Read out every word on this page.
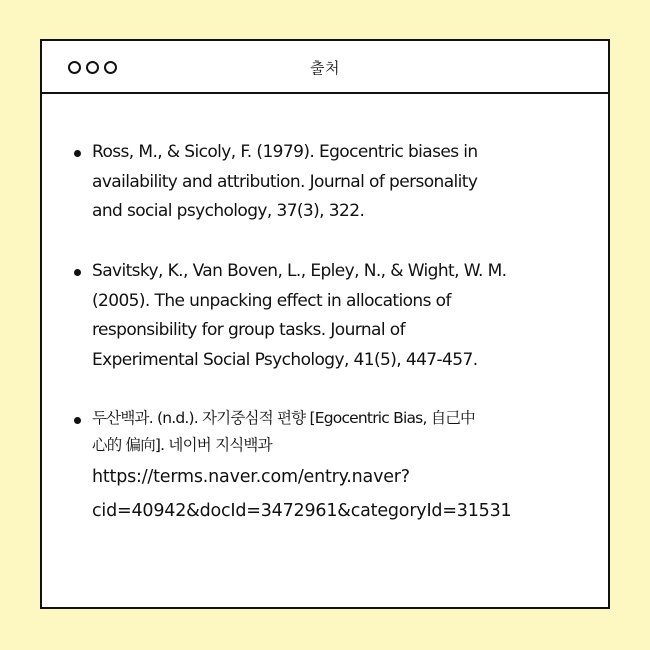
출처
Ross, M., & Sicoly, F. (1979). Egocentric biases in
availability and attribution. Journal of personality
and social psychology, 37(3), 322.
Savitsky, K., Van Boven, L., Epley, N., & Wight, W. M.
(2005). The unpacking effect in allocations of
responsibility for group tasks. Journal of
Experimental Social Psychology, 41(5), 447-457.
두산백과. (n.d.). 자기중심적 편향 [Egocentric Bias, 自己中
心的 偏向]. 네이버 지식백과
https://terms.naver.com/entry.naver?
cid=40942&docId=3472961&categoryId=31531
